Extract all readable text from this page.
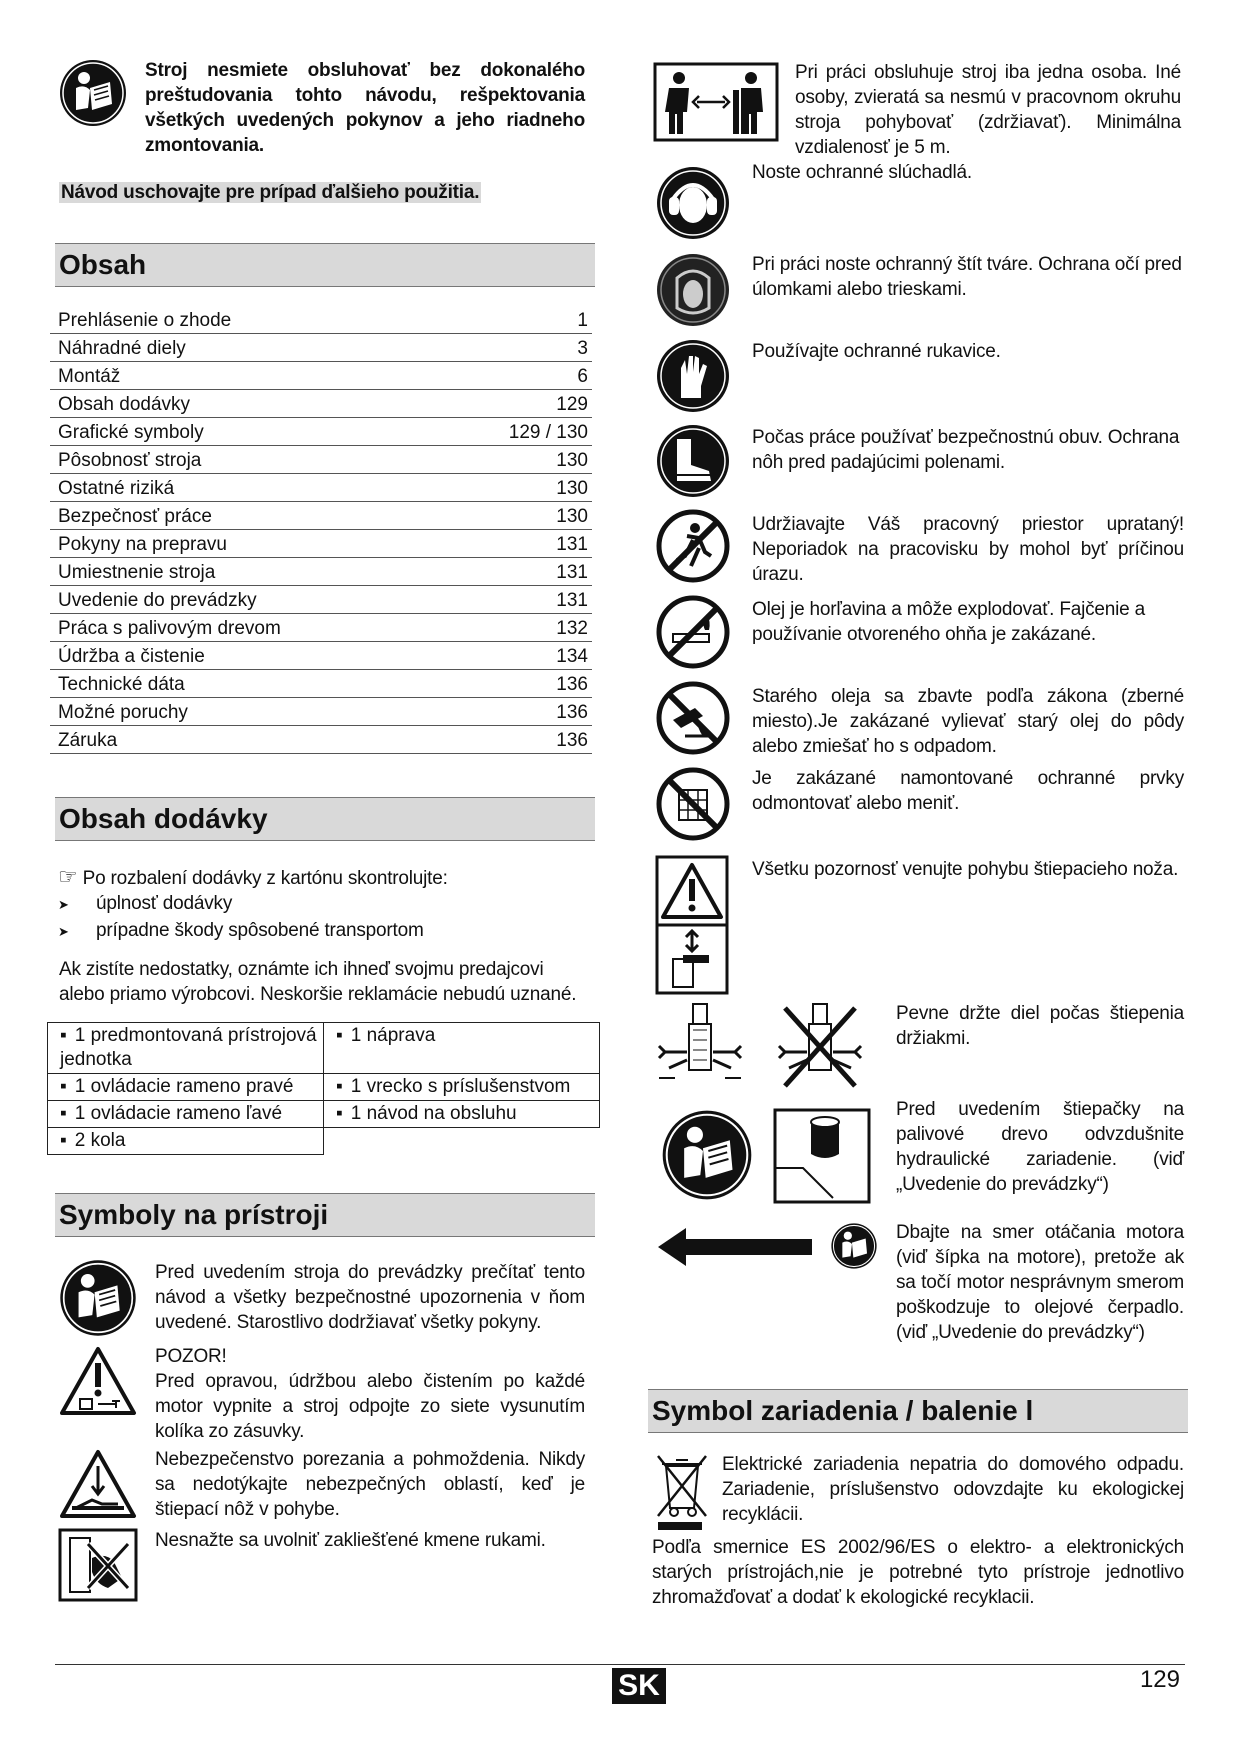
Stroj nesmiete obsluhovať bez dokonalého preštudovania tohto návodu, rešpektovania všetkých uvedených pokynov a jeho riadneho zmontovania.
Návod uschovajte pre prípad ďalšieho použitia.
Obsah
Prehlásenie o zhode	1
Náhradné diely	3
Montáž	6
Obsah dodávky	129
Grafické symboly	129 / 130
Pôsobnosť stroja	130
Ostatné riziká	130
Bezpečnosť práce	130
Pokyny na prepravu	131
Umiestnenie stroja	131
Uvedenie do prevádzky	131
Práca s palivovým drevom	132
Údržba a čistenie	134
Technické dáta	136
Možné poruchy	136
Záruka	136
Obsah dodávky
☞ Po rozbalení dodávky z kartónu skontrolujte:
➤ úplnosť dodávky
➤ prípadne škody spôsobené transportom
Ak zistíte nedostatky, oznámte ich ihneď svojmu predajcovi alebo priamo výrobcovi. Neskoršie reklamácie nebudú uznané.
▪ 1 predmontovaná prístrojová jednotka	▪ 1 náprava
▪ 1 ovládacie rameno pravé	▪1 vrecko s príslušenstvom
▪ 1 ovládacie rameno ľavé	▪1 návod na obsluhu
▪ 2 kola	
Symboly na prístroji
Pred uvedením stroja do prevádzky prečítať tento návod a všetky bezpečnostné upozornenia v ňom uvedené. Starostlivo dodržiavať všetky pokyny.
POZOR!
Pred opravou, údržbou alebo čistením po každé motor vypnite a stroj odpojte zo siete vysunutím kolíka zo zásuvky.
Nebezpečenstvo porezania a pohmoždenia. Nikdy sa nedotýkajte nebezpečných oblastí, keď je štiepací nôž v pohybe.
Nesnažte sa uvolniť zakliešťené kmene rukami.
Pri práci obsluhuje stroj iba jedna osoba. Iné osoby, zvieratá sa nesmú v pracovnom okruhu stroja pohybovať (zdržiavať). Minimálna vzdialenosť je 5 m.
Noste ochranné slúchadlá.
Pri práci noste ochranný štít tváre. Ochrana očí pred úlomkami alebo trieskami.
Používajte ochranné rukavice.
Počas práce používať bezpečnostnú obuv. Ochrana nôh pred padajúcimi polenami.
Udržiavajte Váš pracovný priestor uprataný! Neporiadok na pracovisku by mohol byť príčinou úrazu.
Olej je horľavina a môže explodovať. Fajčenie a používanie otvoreného ohňa je zakázané.
Starého oleja sa zbavte podľa zákona (zberné miesto).Je zakázané vylievať starý olej do pôdy alebo zmiešať ho s odpadom.
Je zakázané namontované ochranné prvky odmontovať alebo meniť.
Všetku pozornosť venujte pohybu štiepacieho noža.
Pevne držte diel počas štiepenia držiakmi.
Pred uvedením štiepačky na palivové drevo odvzdušnite hydraulické zariadenie. (viď „Uvedenie do prevádzky“)
Dbajte na smer otáčania motora (viď šípka na motore), pretože ak sa točí motor nesprávnym smerom poškodzuje to olejové čerpadlo. (viď „Uvedenie do prevádzky“)
Symbol zariadenia / balenie l
Elektrické zariadenia nepatria do domového odpadu. Zariadenie, príslušenstvo odovzdajte ku ekologickej recyklácii.
Podľa smernice ES 2002/96/ES o elektro- a elektronických starých prístrojách,nie je potrebné tyto prístroje jednotlivo zhromažďovať a dodať k ekologické recyklacii.
SK	129
